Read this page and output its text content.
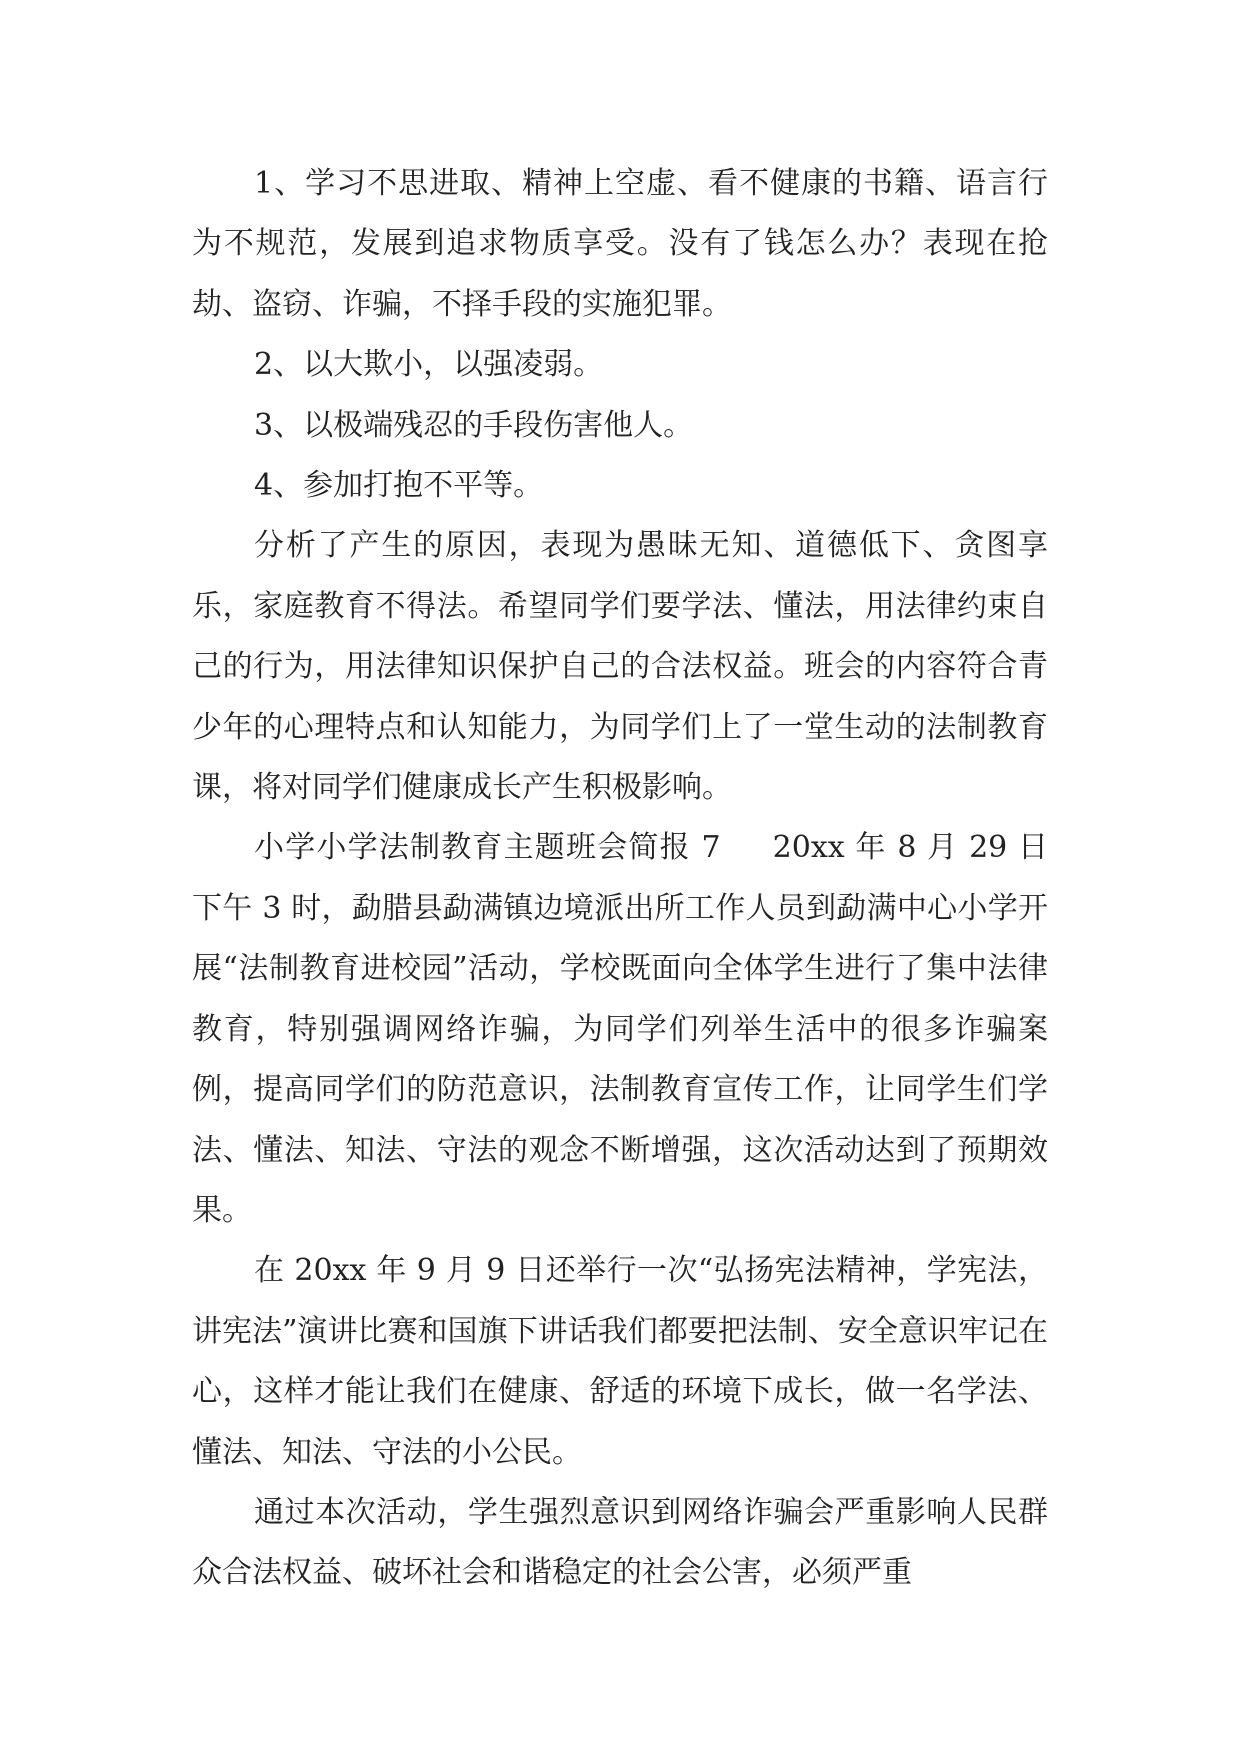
1、学习不思进取、精神上空虚、看不健康的书籍、语言行为不规范，发展到追求物质享受。没有了钱怎么办？表现在抢劫、盗窃、诈骗，不择手段的实施犯罪。

2、以大欺小，以强凌弱。

3、以极端残忍的手段伤害他人。

4、参加打抱不平等。

分析了产生的原因，表现为愚昧无知、道德低下、贪图享乐，家庭教育不得法。希望同学们要学法、懂法，用法律约束自己的行为，用法律知识保护自己的合法权益。班会的内容符合青少年的心理特点和认知能力，为同学们上了一堂生动的法制教育课，将对同学们健康成长产生积极影响。

小学小学法制教育主题班会简报 7 20xx 年 8 月 29 日下午 3 时，勐腊县勐满镇边境派出所工作人员到勐满中心小学开展“法制教育进校园”活动，学校既面向全体学生进行了集中法律教育，特别强调网络诈骗，为同学们列举生活中的很多诈骗案例，提高同学们的防范意识，法制教育宣传工作，让同学生们学法、懂法、知法、守法的观念不断增强，这次活动达到了预期效果。

在 20xx 年 9 月 9 日还举行一次“弘扬宪法精神，学宪法，讲宪法”演讲比赛和国旗下讲话我们都要把法制、安全意识牢记在心，这样才能让我们在健康、舒适的环境下成长，做一名学法、懂法、知法、守法的小公民。

通过本次活动，学生强烈意识到网络诈骗会严重影响人民群众合法权益、破坏社会和谐稳定的社会公害，必须严重
